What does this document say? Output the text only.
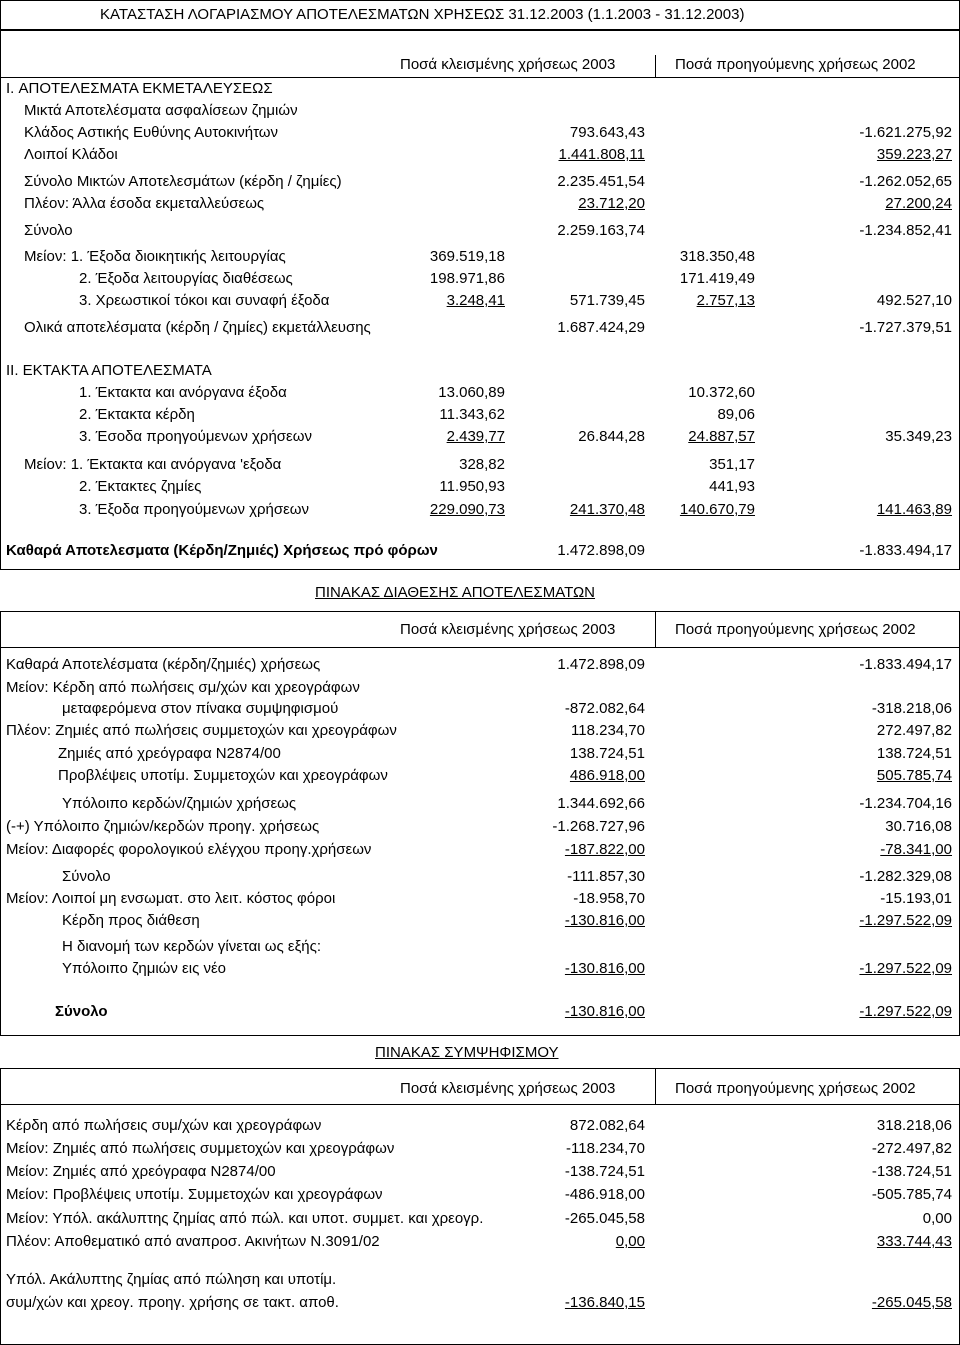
ΚΑΤΑΣΤΑΣΗ ΛΟΓΑΡΙΑΣΜΟΥ ΑΠΟΤΕΛΕΣΜΑΤΩΝ ΧΡΗΣΕΩΣ 31.12.2003 (1.1.2003 - 31.12.2003)
Ποσά κλεισμένης χρήσεως 2003	Ποσά προηγούμενης χρήσεως 2002
I. ΑΠΟΤΕΛΕΣΜΑΤΑ ΕΚΜΕΤΑΛΕΥΣΕΩΣ
Μικτά Αποτελέσματα ασφαλίσεων ζημιών
Κλάδος Αστικής Ευθύνης Αυτοκινήτων	793.643,43	-1.621.275,92
Λοιποί Κλάδοι	1.441.808,11	359.223,27
Σύνολο Μικτών Αποτελεσμάτων (κέρδη / ζημίες)	2.235.451,54	-1.262.052,65
Πλέον: Άλλα έσοδα εκμεταλλεύσεως	23.712,20	27.200,24
Σύνολο	2.259.163,74	-1.234.852,41
Μείον: 1. Έξοδα διοικητικής λειτουργίας	369.519,18	318.350,48
2. Έξοδα λειτουργίας διαθέσεως	198.971,86	171.419,49
3. Χρεωστικοί τόκοι και συναφή έξοδα	3.248,41	571.739,45	2.757,13	492.527,10
Ολικά αποτελέσματα (κέρδη / ζημίες) εκμετάλλευσης	1.687.424,29	-1.727.379,51
II. ΕΚΤΑΚΤΑ ΑΠΟΤΕΛΕΣΜΑΤΑ
1. Έκτακτα και ανόργανα έξοδα	13.060,89	10.372,60
2. Έκτακτα κέρδη	11.343,62	89,06
3. Έσοδα προηγούμενων χρήσεων	2.439,77	26.844,28	24.887,57	35.349,23
Μείον: 1. Έκτακτα και ανόργανα 'εξοδα	328,82	351,17
2. Έκτακτες ζημίες	11.950,93	441,93
3. Έξοδα προηγούμενων χρήσεων	229.090,73	241.370,48	140.670,79	141.463,89
Καθαρά Αποτελεσματα (Κέρδη/Ζημιές) Χρήσεως πρό φόρων	1.472.898,09	-1.833.494,17
ΠΙΝΑΚΑΣ ΔΙΑΘΕΣΗΣ ΑΠΟΤΕΛΕΣΜΑΤΩΝ
Ποσά κλεισμένης χρήσεως 2003	Ποσά προηγούμενης χρήσεως 2002
Καθαρά Αποτελέσματα (κέρδη/ζημιές) χρήσεως	1.472.898,09	-1.833.494,17
Μείον: Κέρδη από πωλήσεις σμ/χών και χρεογράφων
μεταφερόμενα στον πίνακα συμψηφισμού	-872.082,64	-318.218,06
Πλέον: Ζημιές από πωλήσεις συμμετοχών και χρεογράφων	118.234,70	272.497,82
Ζημιές από χρεόγραφα Ν2874/00	138.724,51	138.724,51
Προβλέψεις υποτίμ. Συμμετοχών και χρεογράφων	486.918,00	505.785,74
Υπόλοιπο κερδών/ζημιών χρήσεως	1.344.692,66	-1.234.704,16
(-+) Υπόλοιπο ζημιών/κερδών προηγ. χρήσεως	-1.268.727,96	30.716,08
Μείον: Διαφορές φορολογικού ελέγχου προηγ.χρήσεων	-187.822,00	-78.341,00
Σύνολο	-111.857,30	-1.282.329,08
Μείον: Λοιποί μη ενσωματ. στο λειτ. κόστος φόροι	-18.958,70	-15.193,01
Κέρδη προς διάθεση	-130.816,00	-1.297.522,09
Η διανομή των κερδών γίνεται ως εξής:
Υπόλοιπο ζημιών εις νέο	-130.816,00	-1.297.522,09
Σύνολο	-130.816,00	-1.297.522,09
ΠΙΝΑΚΑΣ ΣΥΜΨΗΦΙΣΜΟΥ
Ποσά κλεισμένης χρήσεως 2003	Ποσά προηγούμενης χρήσεως 2002
Κέρδη από πωλήσεις συμ/χών και χρεογράφων	872.082,64	318.218,06
Μείον: Ζημιές από πωλήσεις συμμετοχών και χρεογράφων	-118.234,70	-272.497,82
Μείον: Ζημιές από χρεόγραφα Ν2874/00	-138.724,51	-138.724,51
Μείον: Προβλέψεις υποτίμ. Συμμετοχών και χρεογράφων	-486.918,00	-505.785,74
Μείον: Υπόλ. ακάλυπτης ζημίας από πώλ. και υποτ. συμμετ. και χρεογρ.	-265.045,58	0,00
Πλέον: Αποθεματικό από αναπροσ. Ακινήτων Ν.3091/02	0,00	333.744,43
Υπόλ. Ακάλυπτης ζημίας από πώληση και υποτίμ.
συμ/χών και χρεογ. προηγ. χρήσης σε τακτ. αποθ.	-136.840,15	-265.045,58
